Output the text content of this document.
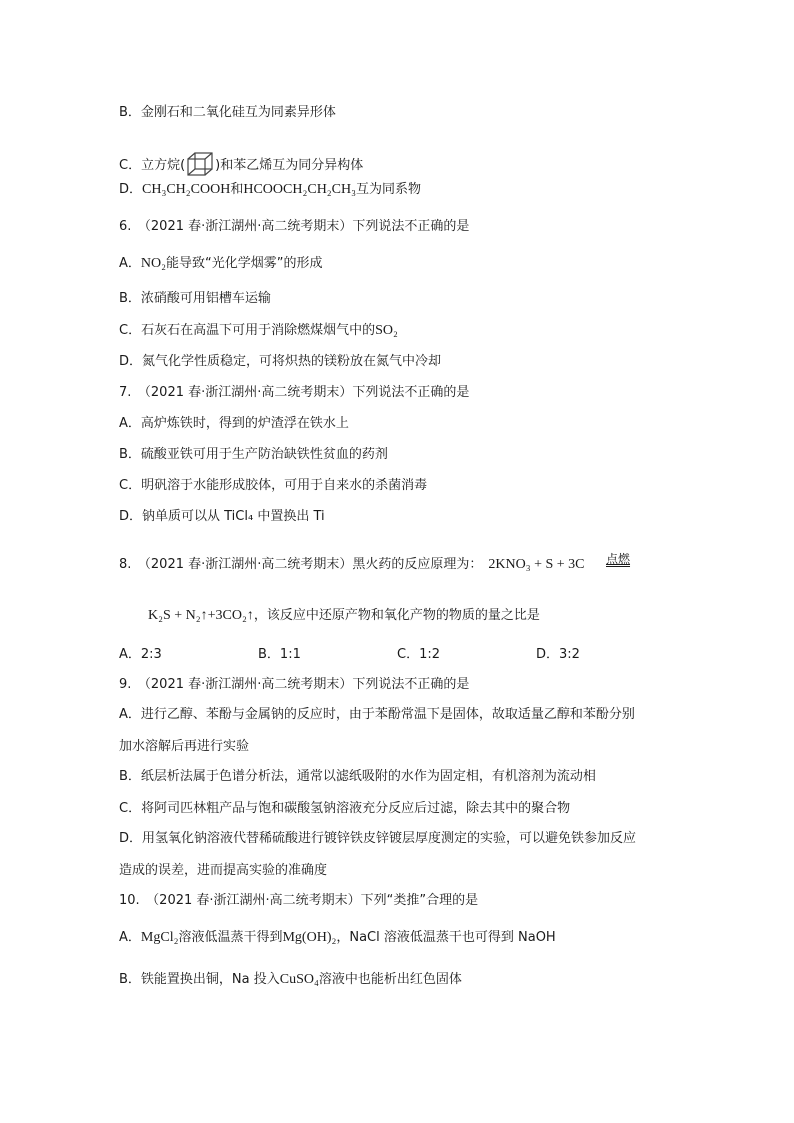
B．金刚石和二氧化硅互为同素异形体
C．立方烷( )和苯乙烯互为同分异构体
D．CH₃CH₂COOH和HCOOCH₂CH₂CH₃互为同系物
6.　（2021 春·浙江湖州·高二统考期末）下列说法不正确的是
A．NO₂能导致“光化学烟雾”的形成
B．浓硝酸可用铝槽车运输
C．石灰石在高温下可用于消除燃煤烟气中的SO₂
D．氮气化学性质稳定，可将炽热的镁粉放在氮气中冷却
7.　（2021 春·浙江湖州·高二统考期末）下列说法不正确的是
A．高炉炼铁时，得到的炉渣浮在铁水上
B．硫酸亚铁可用于生产防治缺铁性贫血的药剂
C．明矾溶于水能形成胶体，可用于自来水的杀菌消毒
D．钠单质可以从 TiCl₄ 中置换出 Ti
8.　（2021 春·浙江湖州·高二统考期末）黑火药的反应原理为： 2KNO₃ + S + 3C 点燃
K₂S + N₂↑+3CO₂↑，该反应中还原产物和氧化产物的物质的量之比是
A．2:3	B．1:1	C．1:2	D．3:2
9.　（2021 春·浙江湖州·高二统考期末）下列说法不正确的是
A．进行乙醇、苯酚与金属钠的反应时，由于苯酚常温下是固体，故取适量乙醇和苯酚分别
加水溶解后再进行实验
B．纸层析法属于色谱分析法，通常以滤纸吸附的水作为固定相，有机溶剂为流动相
C．将阿司匹林粗产品与饱和碳酸氢钠溶液充分反应后过滤，除去其中的聚合物
D．用氢氧化钠溶液代替稀硫酸进行镀锌铁皮锌镀层厚度测定的实验，可以避免铁参加反应
造成的误差，进而提高实验的准确度
10.　（2021 春·浙江湖州·高二统考期末）下列“类推”合理的是
A．MgCl₂溶液低温蒸干得到Mg(OH)₂，NaCl 溶液低温蒸干也可得到 NaOH
B．铁能置换出铜，Na 投入CuSO₄溶液中也能析出红色固体
